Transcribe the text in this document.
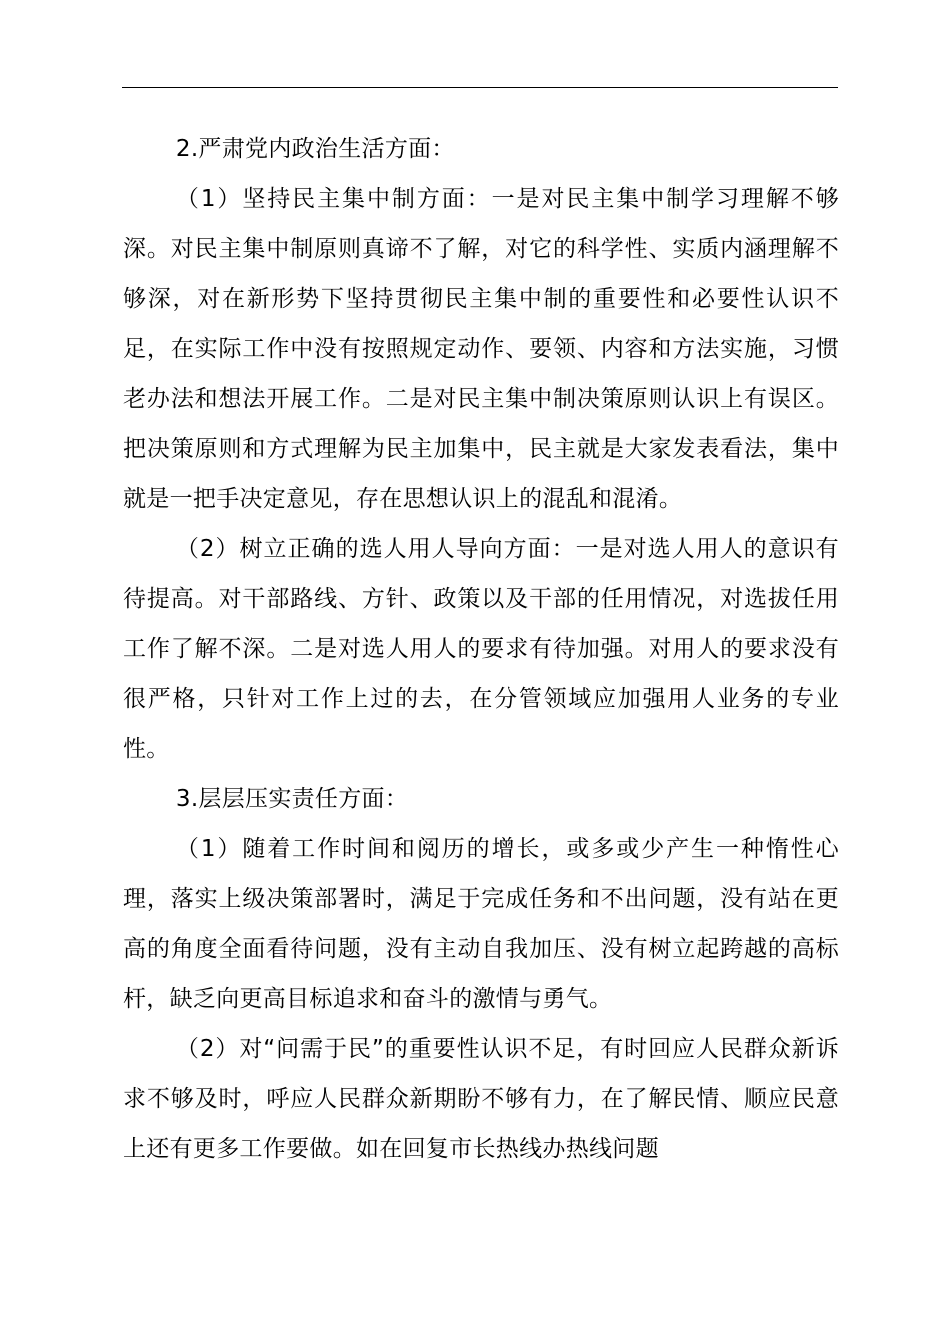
2.严肃党内政治生活方面：

（1）坚持民主集中制方面：一是对民主集中制学习理解不够深。对民主集中制原则真谛不了解，对它的科学性、实质内涵理解不够深，对在新形势下坚持贯彻民主集中制的重要性和必要性认识不足，在实际工作中没有按照规定动作、要领、内容和方法实施，习惯老办法和想法开展工作。二是对民主集中制决策原则认识上有误区。把决策原则和方式理解为民主加集中，民主就是大家发表看法，集中就是一把手决定意见，存在思想认识上的混乱和混淆。

（2）树立正确的选人用人导向方面：一是对选人用人的意识有待提高。对干部路线、方针、政策以及干部的任用情况，对选拔任用工作了解不深。二是对选人用人的要求有待加强。对用人的要求没有很严格，只针对工作上过的去，在分管领域应加强用人业务的专业性。

3.层层压实责任方面：

（1）随着工作时间和阅历的增长，或多或少产生一种惰性心理，落实上级决策部署时，满足于完成任务和不出问题，没有站在更高的角度全面看待问题，没有主动自我加压、没有树立起跨越的高标杆，缺乏向更高目标追求和奋斗的激情与勇气。

（2）对“问需于民”的重要性认识不足，有时回应人民群众新诉求不够及时，呼应人民群众新期盼不够有力，在了解民情、顺应民意上还有更多工作要做。如在回复市长热线办热线问题
